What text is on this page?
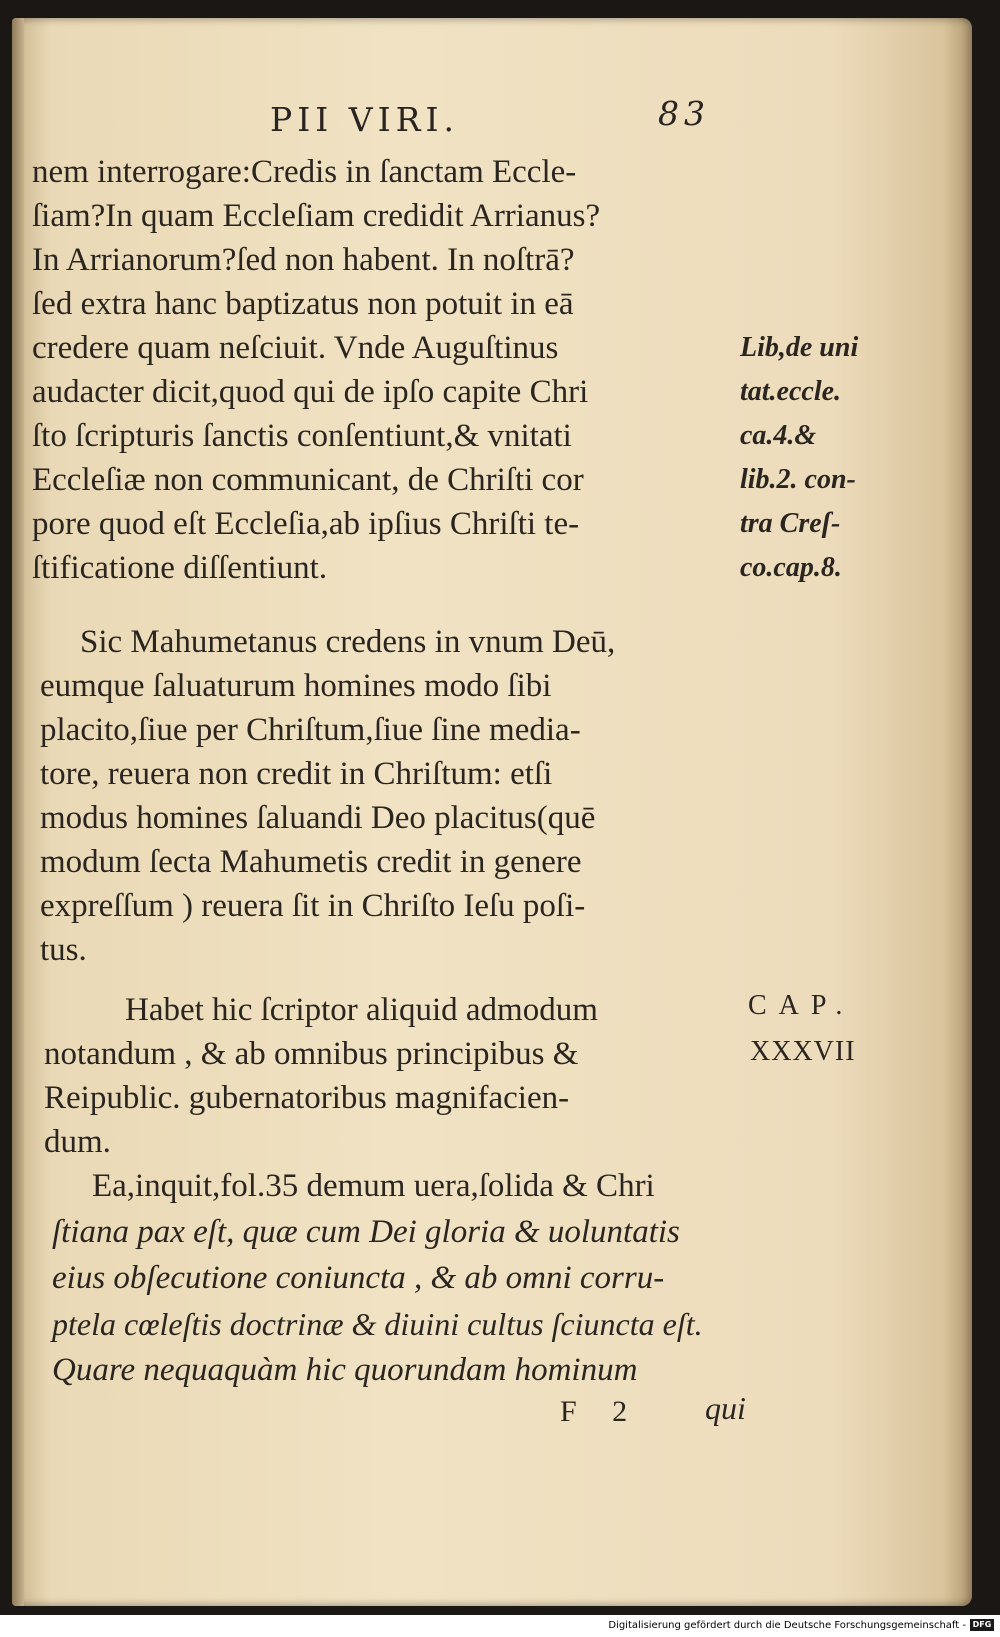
PII VIRI.	83
nem interrogare:Credis in ſanctam Eccle-
ſiam?In quam Eccleſiam credidit Arrianus?
In Arrianorum?ſed non habent. In noſtrā?
ſed extra hanc baptizatus non potuit in eā
credere quam neſciuit. Vnde Auguſtinus
audacter dicit,quod qui de ipſo capite Chri
ſto ſcripturis ſanctis conſentiunt,& vnitati
Eccleſiæ non communicant, de Chriſti cor
pore quod eſt Eccleſia,ab ipſius Chriſti te-
ſtificatione diſſentiunt.
Lib,de uni
tat.eccle.
ca.4.&
lib.2. con-
tra Creſ-
co.cap.8.
Sic Mahumetanus credens in vnum Deū,
eumque ſaluaturum homines modo ſibi
placito,ſiue per Chriſtum,ſiue ſine media-
tore, reuera non credit in Chriſtum: etſi
modus homines ſaluandi Deo placitus(quē
modum ſecta Mahumetis credit in genere
expreſſum ) reuera ſit in Chriſto Ieſu poſi-
tus.
Habet hic ſcriptor aliquid admodum
notandum , & ab omnibus principibus &
Reipublic. gubernatoribus magnifacien-
dum.
CAP.
XXXVII
Ea,inquit,fol.35 demum uera,ſolida & Chri
ſtiana pax eſt, quæ cum Dei gloria & uoluntatis
eius obſecutione coniuncta , & ab omni corru-
ptela cœleſtis doctrinæ & diuini cultus ſciuncta eſt.
Quare nequaquàm hic quorundam hominum
F 2 qui
Digitalisierung gefördert durch die Deutsche Forschungsgemeinschaft - DFG
